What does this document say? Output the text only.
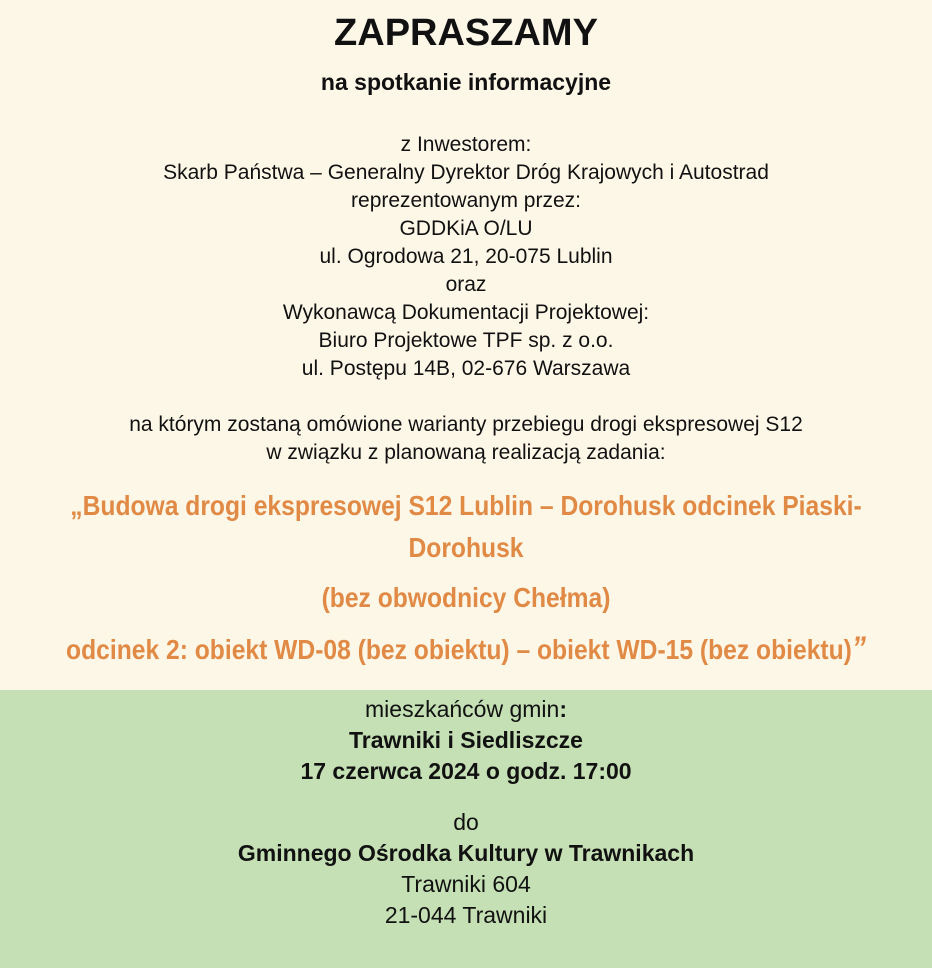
ZAPRASZAMY
na spotkanie informacyjne
z Inwestorem:
Skarb Państwa – Generalny Dyrektor Dróg Krajowych i Autostrad
reprezentowanym przez:
GDDKiA O/LU
ul. Ogrodowa 21, 20-075 Lublin
oraz
Wykonawcą Dokumentacji Projektowej:
Biuro Projektowe TPF sp. z o.o.
ul. Postępu 14B, 02-676 Warszawa
na którym zostaną omówione warianty przebiegu drogi ekspresowej S12
w związku z planowaną realizacją zadania:
„Budowa drogi ekspresowej S12 Lublin – Dorohusk odcinek Piaski-
Dorohusk
(bez obwodnicy Chełma)
odcinek 2: obiekt WD-08 (bez obiektu) – obiekt WD-15 (bez obiektu)”
mieszkańców gmin:
Trawniki i Siedliszcze
17 czerwca 2024 o godz. 17:00
do
Gminnego Ośrodka Kultury w Trawnikach
Trawniki 604
21-044 Trawniki
